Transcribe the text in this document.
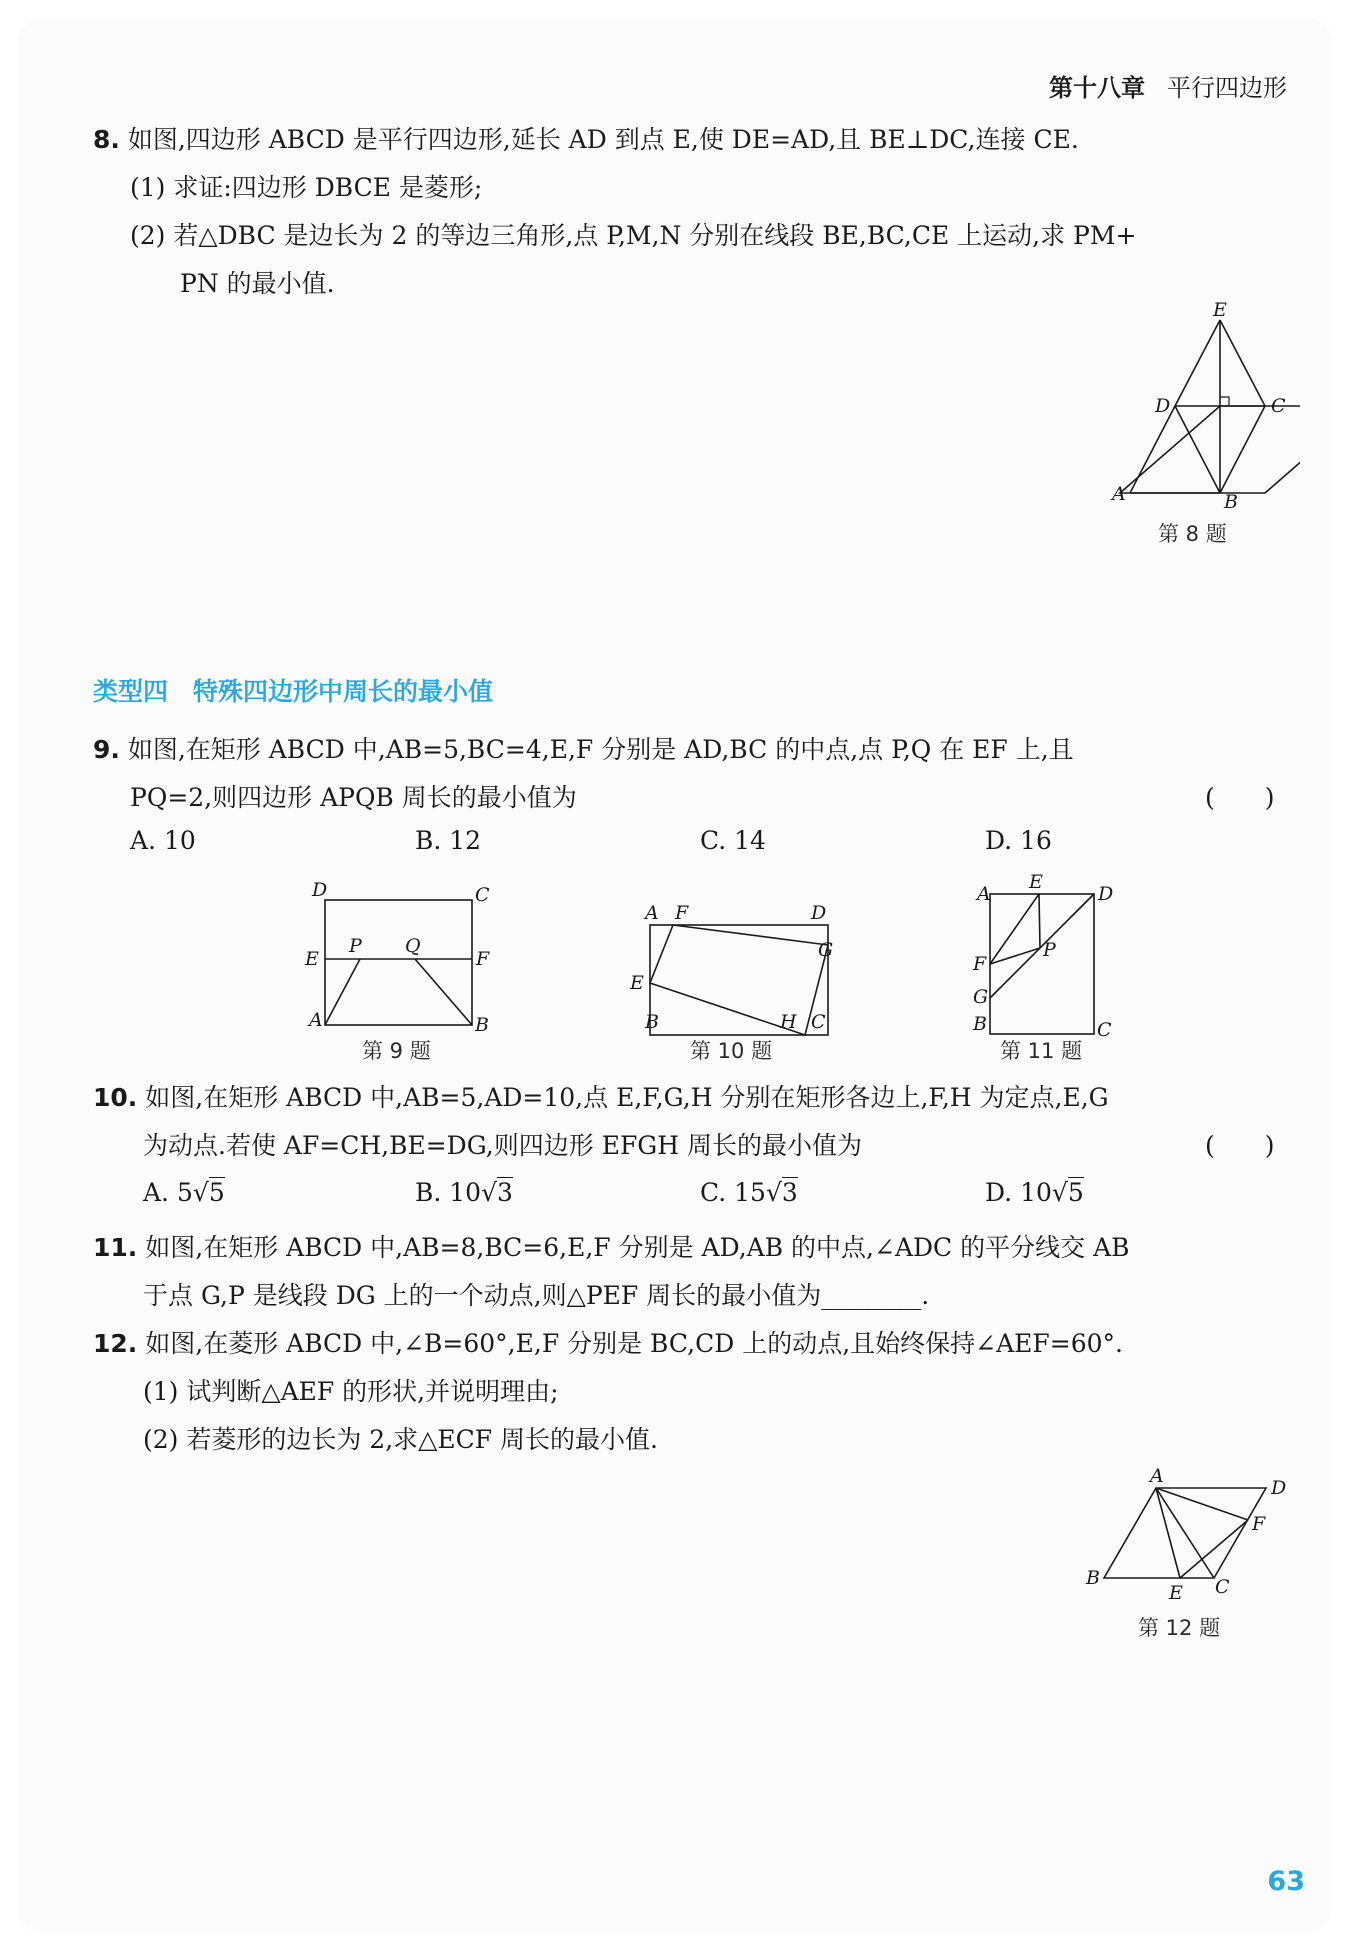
第十八章 平行四边形
8. 如图,四边形 ABCD 是平行四边形,延长 AD 到点 E,使 DE=AD,且 BE⊥DC,连接 CE.
(1) 求证:四边形 DBCE 是菱形;
(2) 若△DBC 是边长为 2 的等边三角形,点 P,M,N 分别在线段 BE,BC,CE 上运动,求 PM+
PN 的最小值.
E
D	C
A	B
第 8 题
类型四　特殊四边形中周长的最小值
9. 如图,在矩形 ABCD 中,AB=5,BC=4,E,F 分别是 AD,BC 的中点,点 P,Q 在 EF 上,且
PQ=2,则四边形 APQB 周长的最小值为	(　　)
A. 10	B. 12	C. 14	D. 16
D	C
E
P Q
F
A	B
第 9 题
A F	D
G
E
B	H C
第 10 题
A
E
D
F
P
G
B	C
第 11 题
10. 如图,在矩形 ABCD 中,AB=5,AD=10,点 E,F,G,H 分别在矩形各边上,F,H 为定点,E,G
为动点.若使 AF=CH,BE=DG,则四边形 EFGH 周长的最小值为	(　　)
A. 5√5	B. 10√3	C. 15√3	D. 10√5
11. 如图,在矩形 ABCD 中,AB=8,BC=6,E,F 分别是 AD,AB 的中点,∠ADC 的平分线交 AB
于点 G,P 是线段 DG 上的一个动点,则△PEF 周长的最小值为________.
12. 如图,在菱形 ABCD 中,∠B=60°,E,F 分别是 BC,CD 上的动点,且始终保持∠AEF=60°.
(1) 试判断△AEF 的形状,并说明理由;
(2) 若菱形的边长为 2,求△ECF 周长的最小值.
A
D
F
B
E C
第 12 题
63
